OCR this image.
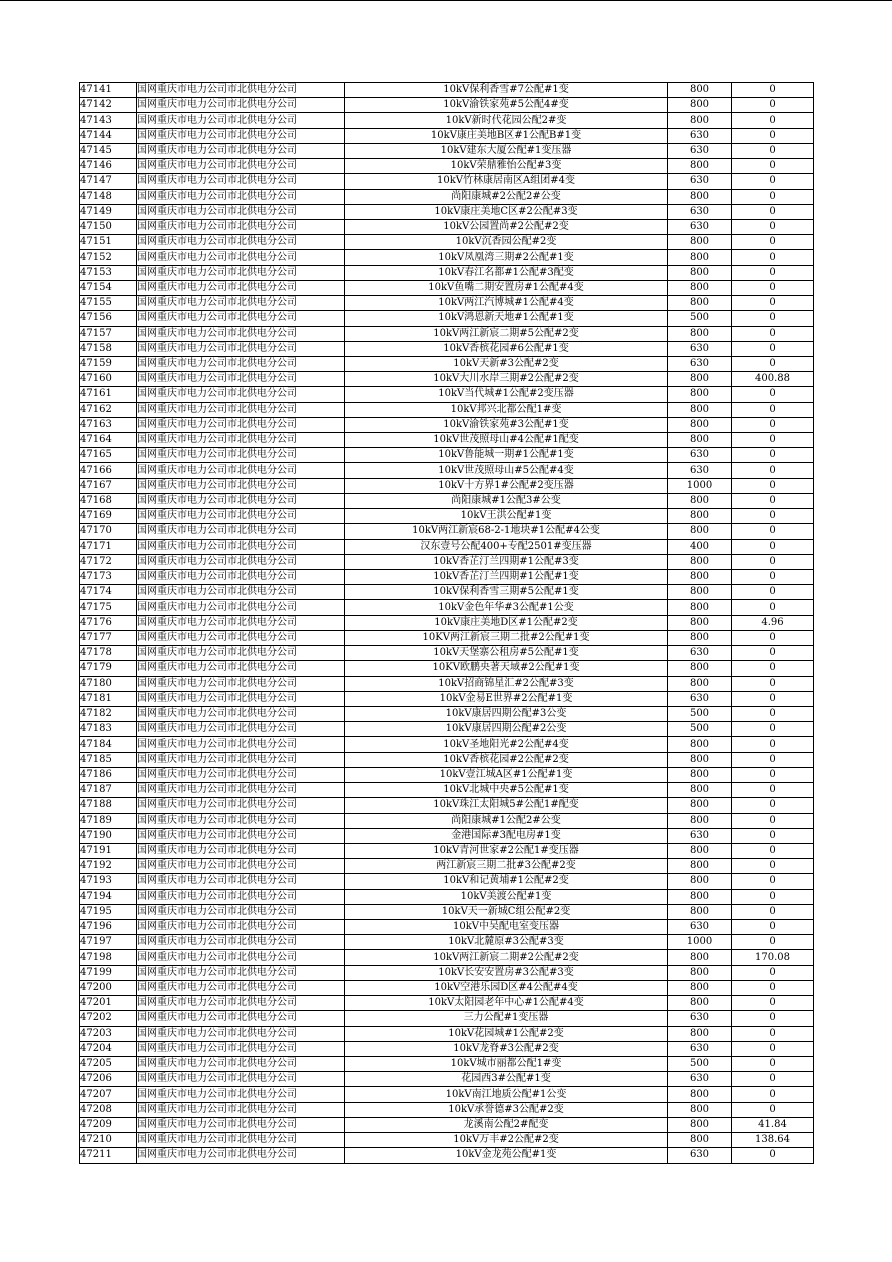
47141	国网重庆市电力公司市北供电分公司	10kV保利香雪#7公配#1变	800	0
47142	国网重庆市电力公司市北供电分公司	10kV渝铁家苑#5公配4#变	800	0
47143	国网重庆市电力公司市北供电分公司	10kV新时代花园公配2#变	800	0
47144	国网重庆市电力公司市北供电分公司	10kV康庄美地B区#1公配B#1变	630	0
47145	国网重庆市电力公司市北供电分公司	10kV建东大厦公配#1变压器	630	0
47146	国网重庆市电力公司市北供电分公司	10kV荣鼎雅怡公配#3变	800	0
47147	国网重庆市电力公司市北供电分公司	10kV竹林康居南区A组团#4变	630	0
47148	国网重庆市电力公司市北供电分公司	尚阳康城#2公配2#公变	800	0
47149	国网重庆市电力公司市北供电分公司	10kV康庄美地C区#2公配#3变	630	0
47150	国网重庆市电力公司市北供电分公司	10kV公园置尚#2公配#2变	630	0
47151	国网重庆市电力公司市北供电分公司	10kV沉香园公配#2变	800	0
47152	国网重庆市电力公司市北供电分公司	10kV凤凰湾三期#2公配#1变	800	0
47153	国网重庆市电力公司市北供电分公司	10kV春江名都#1公配#3配变	800	0
47154	国网重庆市电力公司市北供电分公司	10kV鱼嘴二期安置房#1公配#4变	800	0
47155	国网重庆市电力公司市北供电分公司	10kV两江汽博城#1公配#4变	800	0
47156	国网重庆市电力公司市北供电分公司	10kV鸿恩新天地#1公配#1变	500	0
47157	国网重庆市电力公司市北供电分公司	10kV两江新宸二期#5公配#2变	800	0
47158	国网重庆市电力公司市北供电分公司	10kV香槟花园#6公配#1变	630	0
47159	国网重庆市电力公司市北供电分公司	10kV天新#3公配#2变	630	0
47160	国网重庆市电力公司市北供电分公司	10kV大川水岸三期#2公配#2变	800	400.88
47161	国网重庆市电力公司市北供电分公司	10kV当代城#1公配#2变压器	800	0
47162	国网重庆市电力公司市北供电分公司	10kV邦兴北都公配1#变	800	0
47163	国网重庆市电力公司市北供电分公司	10kV渝铁家苑#3公配#1变	800	0
47164	国网重庆市电力公司市北供电分公司	10kV世茂照母山#4公配#1配变	800	0
47165	国网重庆市电力公司市北供电分公司	10kV鲁能城一期#1公配#1变	630	0
47166	国网重庆市电力公司市北供电分公司	10kV世茂照母山#5公配#4变	630	0
47167	国网重庆市电力公司市北供电分公司	10kV十方界1#公配#2变压器	1000	0
47168	国网重庆市电力公司市北供电分公司	尚阳康城#1公配3#公变	800	0
47169	国网重庆市电力公司市北供电分公司	10kV王洪公配#1变	800	0
47170	国网重庆市电力公司市北供电分公司	10kV两江新宸68-2-1地块#1公配#4公变	800	0
47171	国网重庆市电力公司市北供电分公司	汉东壹号公配400+专配2501#变压器	400	0
47172	国网重庆市电力公司市北供电分公司	10kV香芷汀兰四期#1公配#3变	800	0
47173	国网重庆市电力公司市北供电分公司	10kV香芷汀兰四期#1公配#1变	800	0
47174	国网重庆市电力公司市北供电分公司	10kV保利香雪三期#5公配#1变	800	0
47175	国网重庆市电力公司市北供电分公司	10kV金色年华#3公配#1公变	800	0
47176	国网重庆市电力公司市北供电分公司	10kV康庄美地D区#1公配#2变	800	4.96
47177	国网重庆市电力公司市北供电分公司	10KV两江新宸三期二批#2公配#1变	800	0
47178	国网重庆市电力公司市北供电分公司	10kV天堡寨公租房#5公配#1变	630	0
47179	国网重庆市电力公司市北供电分公司	10KV欧鹏央著天域#2公配#1变	800	0
47180	国网重庆市电力公司市北供电分公司	10kV招商锦星汇#2公配#3变	800	0
47181	国网重庆市电力公司市北供电分公司	10kV金易E世界#2公配#1变	630	0
47182	国网重庆市电力公司市北供电分公司	10kV康居四期公配#3公变	500	0
47183	国网重庆市电力公司市北供电分公司	10kV康居四期公配#2公变	500	0
47184	国网重庆市电力公司市北供电分公司	10kV圣地阳光#2公配#4变	800	0
47185	国网重庆市电力公司市北供电分公司	10kV香槟花园#2公配#2变	800	0
47186	国网重庆市电力公司市北供电分公司	10kV壹江城A区#1公配#1变	800	0
47187	国网重庆市电力公司市北供电分公司	10kV北城中央#5公配#1变	800	0
47188	国网重庆市电力公司市北供电分公司	10kV珠江太阳城5#公配1#配变	800	0
47189	国网重庆市电力公司市北供电分公司	尚阳康城#1公配2#公变	800	0
47190	国网重庆市电力公司市北供电分公司	金港国际#3配电房#1变	630	0
47191	国网重庆市电力公司市北供电分公司	10kV青河世家#2公配1#变压器	800	0
47192	国网重庆市电力公司市北供电分公司	两江新宸三期二批#3公配#2变	800	0
47193	国网重庆市电力公司市北供电分公司	10kV和记黄埔#1公配#2变	800	0
47194	国网重庆市电力公司市北供电分公司	10kV美渡公配#1变	800	0
47195	国网重庆市电力公司市北供电分公司	10kV天一新城C组公配#2变	800	0
47196	国网重庆市电力公司市北供电分公司	10kV中吴配电室变压器	630	0
47197	国网重庆市电力公司市北供电分公司	10kV北麓原#3公配#3变	1000	0
47198	国网重庆市电力公司市北供电分公司	10kV两江新宸二期#2公配#2变	800	170.08
47199	国网重庆市电力公司市北供电分公司	10kV长安安置房#3公配#3变	800	0
47200	国网重庆市电力公司市北供电分公司	10kV空港乐园D区#4公配#4变	800	0
47201	国网重庆市电力公司市北供电分公司	10kV太阳园老年中心#1公配#4变	800	0
47202	国网重庆市电力公司市北供电分公司	三力公配#1变压器	630	0
47203	国网重庆市电力公司市北供电分公司	10kV花园城#1公配#2变	800	0
47204	国网重庆市电力公司市北供电分公司	10kV龙脊#3公配#2变	630	0
47205	国网重庆市电力公司市北供电分公司	10kV城市丽都公配1#变	500	0
47206	国网重庆市电力公司市北供电分公司	花园西3#公配#1变	630	0
47207	国网重庆市电力公司市北供电分公司	10kV南江地质公配#1公变	800	0
47208	国网重庆市电力公司市北供电分公司	10kV承誉德#3公配#2变	800	0
47209	国网重庆市电力公司市北供电分公司	龙溪南公配2#配变	800	41.84
47210	国网重庆市电力公司市北供电分公司	10kV万丰#2公配#2变	800	138.64
47211	国网重庆市电力公司市北供电分公司	10kV金龙苑公配#1变	630	0
